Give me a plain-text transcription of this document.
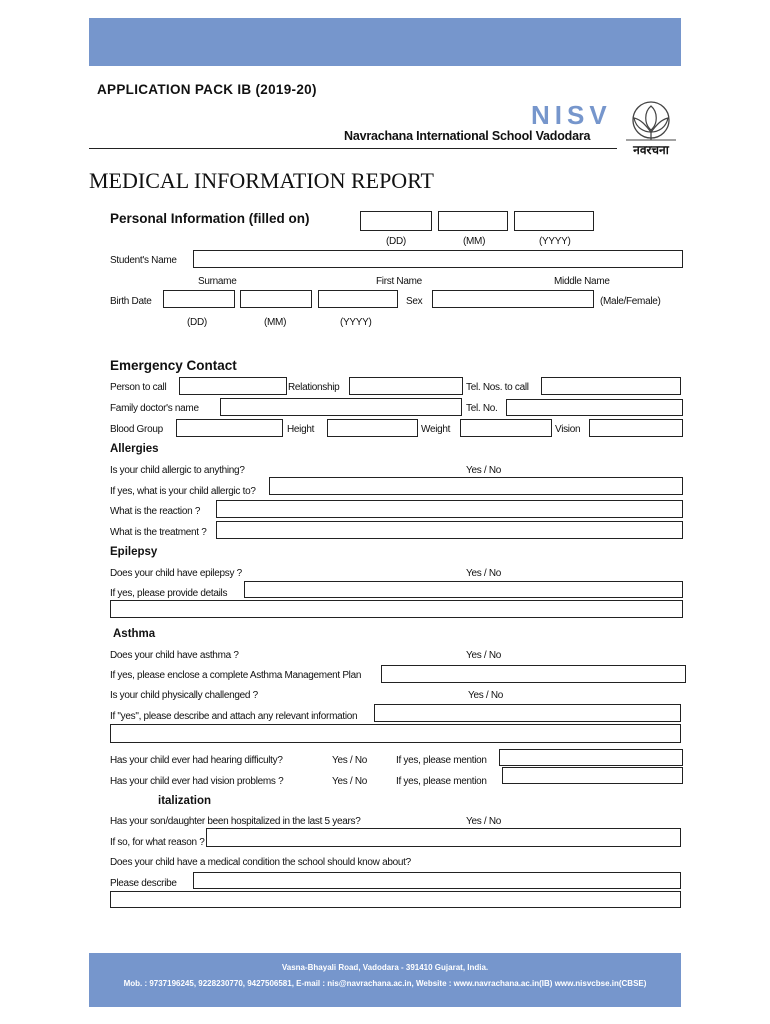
APPLICATION PACK IB (2019-20)
NISV
Navrachana International School Vadodara
नवरचना
MEDICAL INFORMATION REPORT
Personal Information (filled on)
(DD)	(MM)	(YYYY)
Student's Name
Surname	First Name	Middle Name
Birth Date	Sex	(Male/Female)
(DD)	(MM)	(YYYY)
Emergency Contact
Person to call	Relationship	Tel. Nos. to call
Family doctor's name	Tel. No.
Blood Group	Height	Weight	Vision
Allergies
Is your child allergic to anything?	Yes / No
If yes, what is your child allergic to?
What is the reaction ?
What is the treatment ?
Epilepsy
Does your child have epilepsy ?	Yes / No
If yes, please provide details
Asthma
Does your child have asthma ?	Yes / No
If yes, please enclose a complete Asthma Management Plan
Is your child physically challenged ?	Yes / No
If "yes", please describe and attach any relevant information
Has your child ever had hearing difficulty?	Yes / No	If yes, please mention
Has your child ever had vision problems ?	Yes / No	If yes, please mention
italization
Has your son/daughter been hospitalized in the last 5 years?	Yes / No
If so, for what reason ?
Does your child have a medical condition the school should know about?
Please describe
Vasna-Bhayali Road, Vadodara - 391410 Gujarat, India.
Mob. : 9737196245, 9228230770, 9427506581, E-mail : nis@navrachana.ac.in, Website : www.navrachana.ac.in(IB) www.nisvcbse.in(CBSE)
